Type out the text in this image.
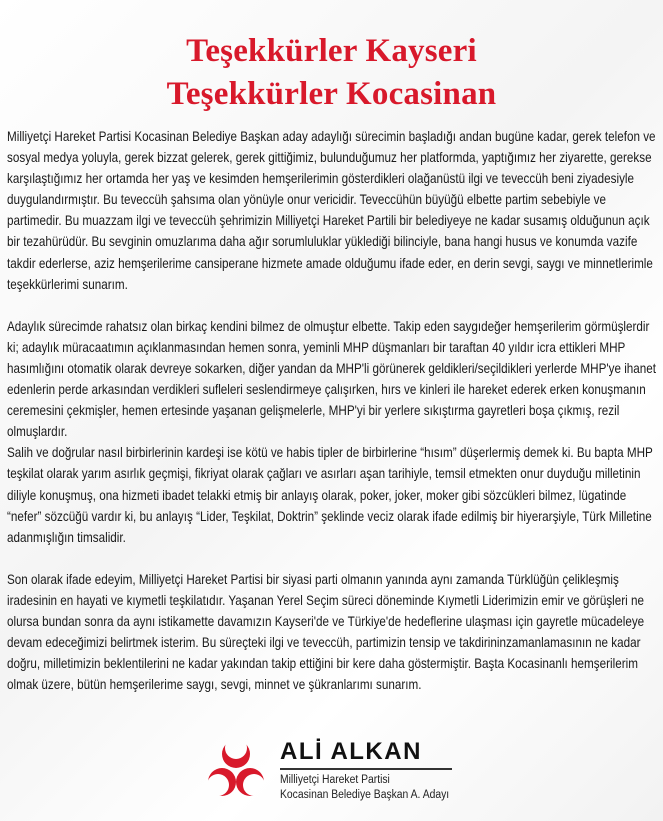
Teşekkürler Kayseri
Teşekkürler Kocasinan

Milliyetçi Hareket Partisi Kocasinan Belediye Başkan aday adaylığı sürecimin başladığı andan bugüne kadar, gerek telefon ve sosyal medya yoluyla, gerek bizzat gelerek, gerek gittiğimiz, bulunduğumuz her platformda, yaptığımız her ziyarette, gerekse karşılaştığımız her ortamda her yaş ve kesimden hemşerilerimin gösterdikleri olağanüstü ilgi ve teveccüh beni ziyadesiyle duygulandırmıştır. Bu teveccüh şahsıma olan yönüyle onur vericidir. Teveccühün büyüğü elbette partim sebebiyle ve partimedir. Bu muazzam ilgi ve teveccüh şehrimizin Milliyetçi Hareket Partili bir belediyeye ne kadar susamış olduğunun açık bir tezahürüdür. Bu sevginin omuzlarıma daha ağır sorumluluklar yüklediği bilinciyle, bana hangi husus ve konumda vazife takdir ederlerse, aziz hemşerilerime cansiperane hizmete amade olduğumu ifade eder, en derin sevgi, saygı ve minnetlerimle teşekkürlerimi sunarım.

Adaylık sürecimde rahatsız olan birkaç kendini bilmez de olmuştur elbette. Takip eden saygıdeğer hemşerilerim görmüşlerdir ki; adaylık müracaatımın açıklanmasından hemen sonra, yeminli MHP düşmanları bir taraftan 40 yıldır icra ettikleri MHP hasımlığını otomatik olarak devreye sokarken, diğer yandan da MHP'li görünerek geldikleri/seçildikleri yerlerde MHP'ye ihanet edenlerin perde arkasından verdikleri sufleleri seslendirmeye çalışırken, hırs ve kinleri ile hareket ederek erken konuşmanın ceremesini çekmişler, hemen ertesinde yaşanan gelişmelerle, MHP'yi bir yerlere sıkıştırma gayretleri boşa çıkmış, rezil olmuşlardır.

Salih ve doğrular nasıl birbirlerinin kardeşi ise kötü ve habis tipler de birbirlerine “hısım” düşerlermiş demek ki. Bu bapta MHP teşkilat olarak yarım asırlık geçmişi, fikriyat olarak çağları ve asırları aşan tarihiyle, temsil etmekten onur duyduğu milletinin diliyle konuşmuş, ona hizmeti ibadet telakki etmiş bir anlayış olarak, poker, joker, moker gibi sözcükleri bilmez, lügatinde “nefer” sözcüğü vardır ki, bu anlayış “Lider, Teşkilat, Doktrin” şeklinde veciz olarak ifade edilmiş bir hiyerarşiyle, Türk Milletine adanmışlığın timsalidir.

Son olarak ifade edeyim, Milliyetçi Hareket Partisi bir siyasi parti olmanın yanında aynı zamanda Türklüğün çelikleşmiş iradesinin en hayati ve kıymetli teşkilatıdır. Yaşanan Yerel Seçim süreci döneminde Kıymetli Liderimizin emir ve görüşleri ne olursa bundan sonra da aynı istikamette davamızın Kayseri'de ve Türkiye'de hedeflerine ulaşması için gayretle mücadeleye devam edeceğimizi belirtmek isterim. Bu süreçteki ilgi ve teveccüh, partimizin tensip ve takdirininzamanlamasının ne kadar doğru, milletimizin beklentilerini ne kadar yakından takip ettiğini bir kere daha göstermiştir. Başta Kocasinanlı hemşerilerim olmak üzere, bütün hemşerilerime saygı, sevgi, minnet ve şükranlarımı sunarım.

ALİ ALKAN
Milliyetçi Hareket Partisi
Kocasinan Belediye Başkan A. Adayı
